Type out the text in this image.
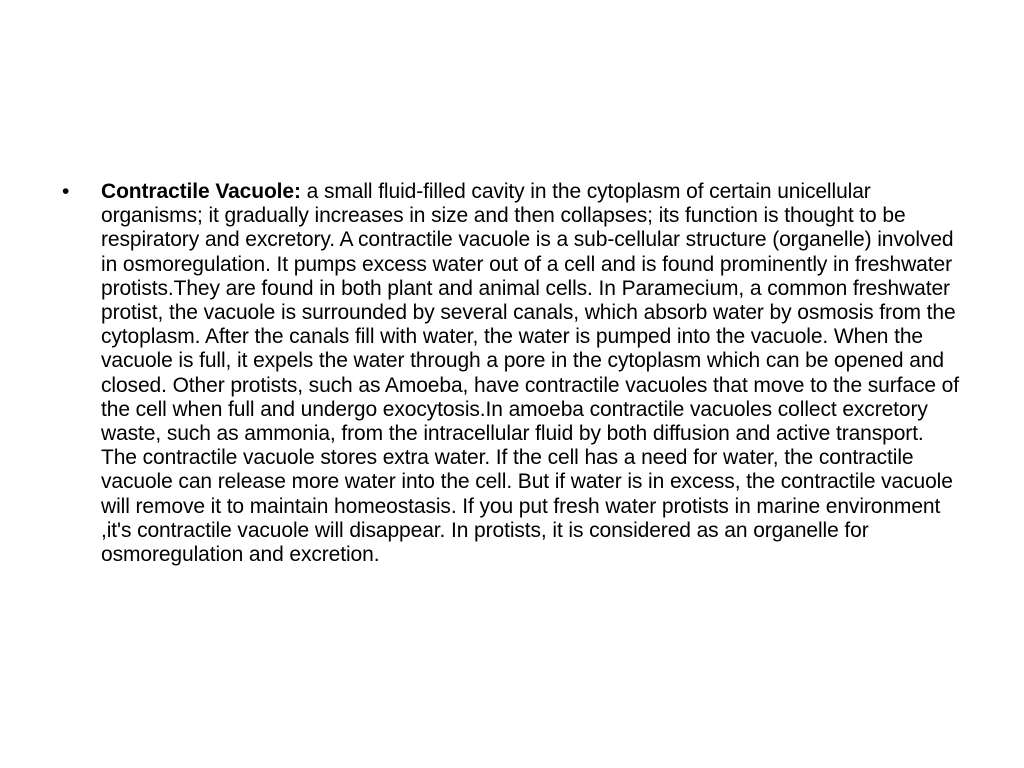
• Contractile Vacuole: a small fluid-filled cavity in the cytoplasm of certain unicellular organisms; it gradually increases in size and then collapses; its function is thought to be respiratory and excretory. A contractile vacuole is a sub-cellular structure (organelle) involved in osmoregulation. It pumps excess water out of a cell and is found prominently in freshwater protists.They are found in both plant and animal cells. In Paramecium, a common freshwater protist, the vacuole is surrounded by several canals, which absorb water by osmosis from the cytoplasm. After the canals fill with water, the water is pumped into the vacuole. When the vacuole is full, it expels the water through a pore in the cytoplasm which can be opened and closed. Other protists, such as Amoeba, have contractile vacuoles that move to the surface of the cell when full and undergo exocytosis.In amoeba contractile vacuoles collect excretory waste, such as ammonia, from the intracellular fluid by both diffusion and active transport. The contractile vacuole stores extra water. If the cell has a need for water, the contractile vacuole can release more water into the cell. But if water is in excess, the contractile vacuole will remove it to maintain homeostasis. If you put fresh water protists in marine environment ,it's contractile vacuole will disappear. In protists, it is considered as an organelle for osmoregulation and excretion.
